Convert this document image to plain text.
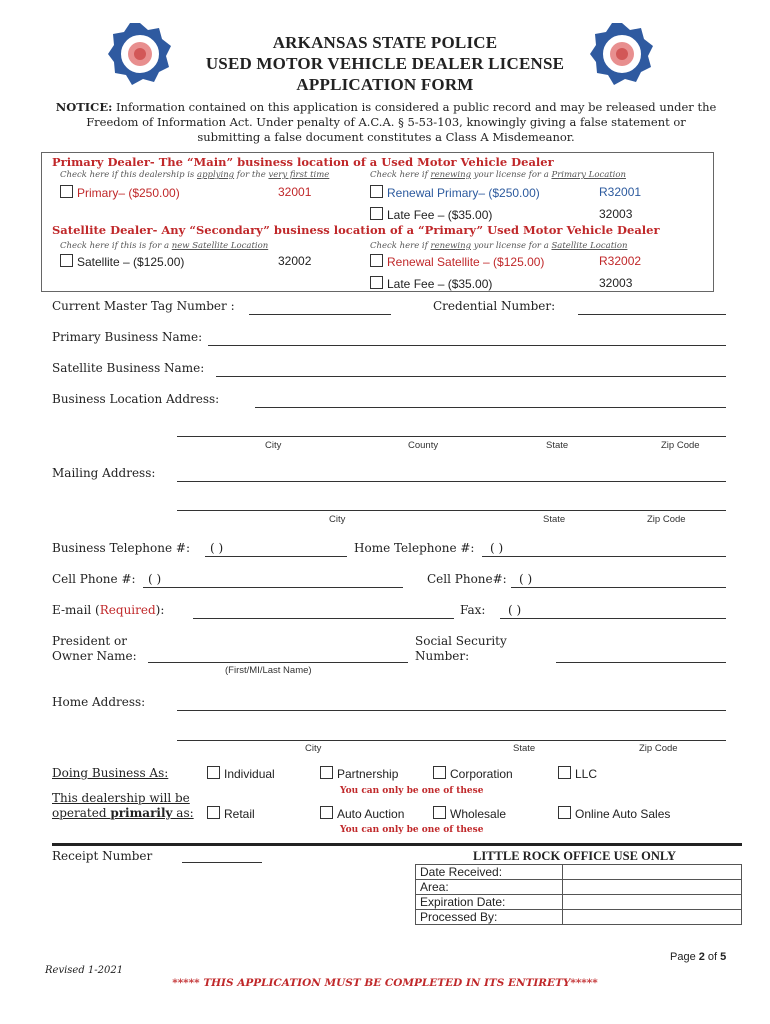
ARKANSAS STATE POLICE
USED MOTOR VEHICLE DEALER LICENSE
APPLICATION FORM
NOTICE: Information contained on this application is considered a public record and may be released under the
Freedom of Information Act. Under penalty of A.C.A. § 5-53-103, knowingly giving a false statement or
submitting a false document constitutes a Class A Misdemeanor.
Primary Dealer- The “Main” business location of a Used Motor Vehicle Dealer
Check here if this dealership is applying for the very first time	Check here if renewing your license for a Primary Location
Primary– ($250.00)	32001	Renewal Primary– ($250.00)	R32001
Late Fee – ($35.00)	32003
Satellite Dealer- Any “Secondary” business location of a “Primary” Used Motor Vehicle Dealer
Check here if this is for a new Satellite Location	Check here if renewing your license for a Satellite Location
Satellite – ($125.00)	32002	Renewal Satellite – ($125.00)	R32002
Late Fee – ($35.00)	32003
Current Master Tag Number :	Credential Number:
Primary Business Name:
Satellite Business Name:
Business Location Address:
City	County	State	Zip Code
Mailing Address:
City	State	Zip Code
Business Telephone #: ( )	Home Telephone #: ( )
Cell Phone #: ( )	Cell Phone#: ( )
E-mail (Required):	Fax: ( )
President or
Owner Name:
(First/MI/Last Name)
Social Security
Number:
Home Address:
City	State	Zip Code
Doing Business As:	Individual	Partnership	Corporation	LLC
You can only be one of these
This dealership will be
operated primarily as:	Retail	Auto Auction	Wholesale	Online Auto Sales
You can only be one of these
Receipt Number	LITTLE ROCK OFFICE USE ONLY
Date Received:	
Area:	
Expiration Date:	
Processed By:	
Page 2 of 5
Revised 1-2021
***** THIS APPLICATION MUST BE COMPLETED IN ITS ENTIRETY*****
